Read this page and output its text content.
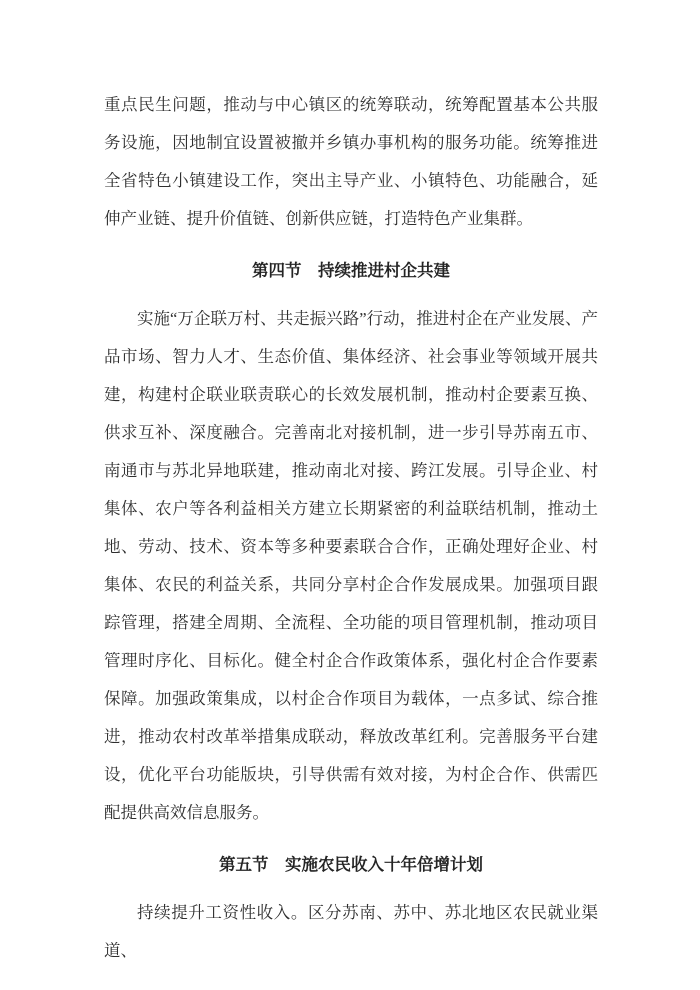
重点民生问题，推动与中心镇区的统筹联动，统筹配置基本公共服务设施，因地制宜设置被撤并乡镇办事机构的服务功能。统筹推进全省特色小镇建设工作，突出主导产业、小镇特色、功能融合，延伸产业链、提升价值链、创新供应链，打造特色产业集群。

第四节　持续推进村企共建

实施“万企联万村、共走振兴路”行动，推进村企在产业发展、产品市场、智力人才、生态价值、集体经济、社会事业等领域开展共建，构建村企联业联责联心的长效发展机制，推动村企要素互换、供求互补、深度融合。完善南北对接机制，进一步引导苏南五市、南通市与苏北异地联建，推动南北对接、跨江发展。引导企业、村集体、农户等各利益相关方建立长期紧密的利益联结机制，推动土地、劳动、技术、资本等多种要素联合合作，正确处理好企业、村集体、农民的利益关系，共同分享村企合作发展成果。加强项目跟踪管理，搭建全周期、全流程、全功能的项目管理机制，推动项目管理时序化、目标化。健全村企合作政策体系，强化村企合作要素保障。加强政策集成，以村企合作项目为载体，一点多试、综合推进，推动农村改革举措集成联动，释放改革红利。完善服务平台建设，优化平台功能版块，引导供需有效对接，为村企合作、供需匹配提供高效信息服务。

第五节　实施农民收入十年倍增计划

持续提升工资性收入。区分苏南、苏中、苏北地区农民就业渠道、
